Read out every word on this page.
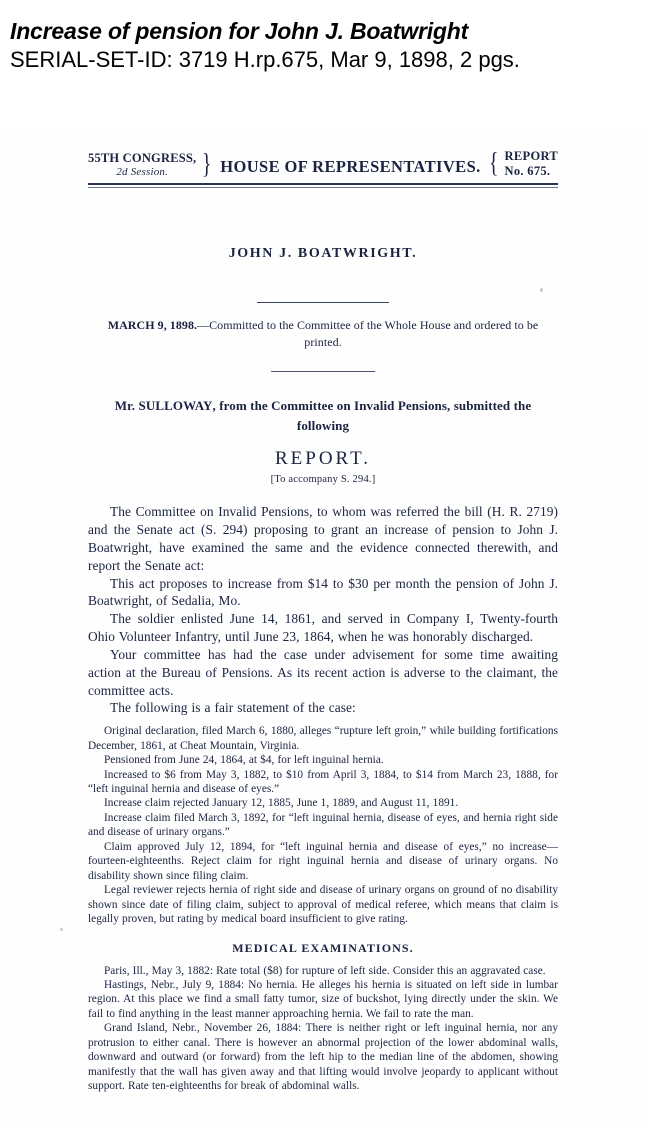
Increase of pension for John J. Boatwright
SERIAL-SET-ID: 3719 H.rp.675, Mar 9, 1898, 2 pgs.
55TH CONGRESS,
2d Session.	} HOUSE OF REPRESENTATIVES. { REPORT
No. 675.
JOHN J. BOATWRIGHT.
MARCH 9, 1898.—Committed to the Committee of the Whole House and ordered to be printed.
Mr. SULLOWAY, from the Committee on Invalid Pensions, submitted the following
REPORT.
[To accompany S. 294.]

The Committee on Invalid Pensions, to whom was referred the bill (H. R. 2719) and the Senate act (S. 294) proposing to grant an increase of pension to John J. Boatwright, have examined the same and the evidence connected therewith, and report the Senate act:

This act proposes to increase from $14 to $30 per month the pension of John J. Boatwright, of Sedalia, Mo.

The soldier enlisted June 14, 1861, and served in Company I, Twenty-fourth Ohio Volunteer Infantry, until June 23, 1864, when he was honorably discharged.

Your committee has had the case under advisement for some time awaiting action at the Bureau of Pensions. As its recent action is adverse to the claimant, the committee acts.

The following is a fair statement of the case:

Original declaration, filed March 6, 1880, alleges “rupture left groin,” while building fortifications December, 1861, at Cheat Mountain, Virginia.

Pensioned from June 24, 1864, at $4, for left inguinal hernia.

Increased to $6 from May 3, 1882, to $10 from April 3, 1884, to $14 from March 23, 1888, for “left inguinal hernia and disease of eyes.”

Increase claim rejected January 12, 1885, June 1, 1889, and August 11, 1891.

Increase claim filed March 3, 1892, for “left inguinal hernia, disease of eyes, and hernia right side and disease of urinary organs.”

Claim approved July 12, 1894, for “left inguinal hernia and disease of eyes,” no increase—fourteen-eighteenths. Reject claim for right inguinal hernia and disease of urinary organs. No disability shown since filing claim.

Legal reviewer rejects hernia of right side and disease of urinary organs on ground of no disability shown since date of filing claim, subject to approval of medical referee, which means that claim is legally proven, but rating by medical board insufficient to give rating.

MEDICAL EXAMINATIONS.

Paris, Ill., May 3, 1882: Rate total ($8) for rupture of left side. Consider this an aggravated case.

Hastings, Nebr., July 9, 1884: No hernia. He alleges his hernia is situated on left side in lumbar region. At this place we find a small fatty tumor, size of buckshot, lying directly under the skin. We fail to find anything in the least manner approaching hernia. We fail to rate the man.

Grand Island, Nebr., November 26, 1884: There is neither right or left inguinal hernia, nor any protrusion to either canal. There is however an abnormal projection of the lower abdominal walls, downward and outward (or forward) from the left hip to the median line of the abdomen, showing manifestly that the wall has given away and that lifting would involve jeopardy to applicant without support. Rate ten-eighteenths for break of abdominal walls.
